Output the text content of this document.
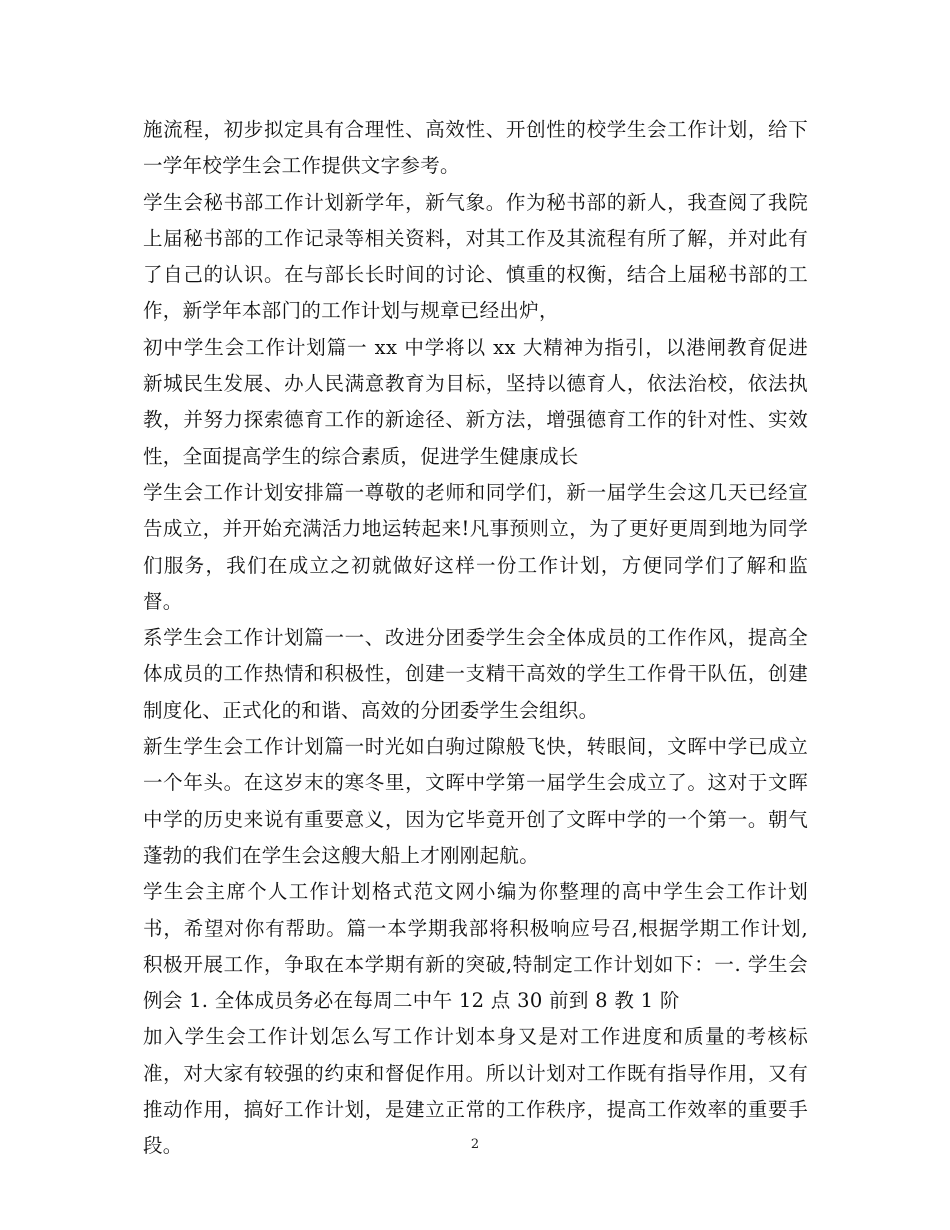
施流程，初步拟定具有合理性、高效性、开创性的校学生会工作计划，给下一学年校学生会工作提供文字参考。

学生会秘书部工作计划新学年，新气象。作为秘书部的新人，我查阅了我院上届秘书部的工作记录等相关资料，对其工作及其流程有所了解，并对此有了自己的认识。在与部长长时间的讨论、慎重的权衡，结合上届秘书部的工作，新学年本部门的工作计划与规章已经出炉，

初中学生会工作计划篇一 xx 中学将以 xx 大精神为指引，以港闸教育促进新城民生发展、办人民满意教育为目标，坚持以德育人，依法治校，依法执教，并努力探索德育工作的新途径、新方法，增强德育工作的针对性、实效性，全面提高学生的综合素质，促进学生健康成长

学生会工作计划安排篇一尊敬的老师和同学们，新一届学生会这几天已经宣告成立，并开始充满活力地运转起来!凡事预则立，为了更好更周到地为同学们服务，我们在成立之初就做好这样一份工作计划，方便同学们了解和监督。

系学生会工作计划篇一一、改进分团委学生会全体成员的工作作风，提高全体成员的工作热情和积极性，创建一支精干高效的学生工作骨干队伍，创建制度化、正式化的和谐、高效的分团委学生会组织。

新生学生会工作计划篇一时光如白驹过隙般飞快，转眼间，文晖中学已成立一个年头。在这岁末的寒冬里，文晖中学第一届学生会成立了。这对于文晖中学的历史来说有重要意义，因为它毕竟开创了文晖中学的一个第一。朝气蓬勃的我们在学生会这艘大船上才刚刚起航。

学生会主席个人工作计划格式范文网小编为你整理的高中学生会工作计划书，希望对你有帮助。篇一本学期我部将积极响应号召,根据学期工作计划,积极开展工作，争取在本学期有新的突破,特制定工作计划如下：一. 学生会例会 1. 全体成员务必在每周二中午 12 点 30 前到 8 教 1 阶

加入学生会工作计划怎么写工作计划本身又是对工作进度和质量的考核标准，对大家有较强的约束和督促作用。所以计划对工作既有指导作用，又有推动作用，搞好工作计划，是建立正常的工作秩序，提高工作效率的重要手段。	2
